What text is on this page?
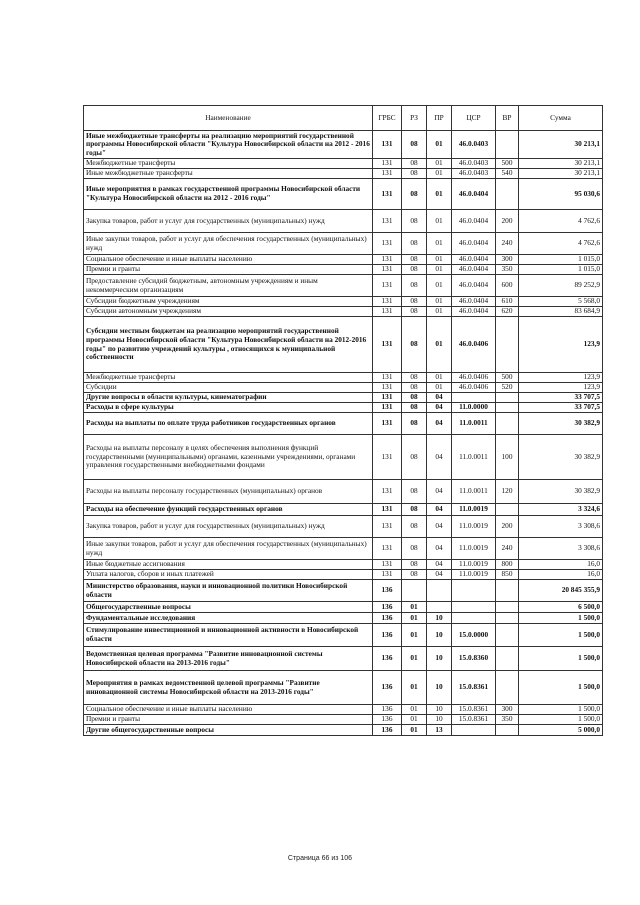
Наименование	ГРБС	РЗ	ПР	ЦСР	ВР	Сумма
Иные межбюджетные трансферты на реализацию мероприятий государственной программы Новосибирской области "Культура Новосибирской области на 2012 - 2016 годы"	131	08	01	46.0.0403		30 213,1
Межбюджетные трансферты	131	08	01	46.0.0403	500	30 213,1
Иные межбюджетные трансферты	131	08	01	46.0.0403	540	30 213,1
Иные мероприятия в рамках государственной программы Новосибирской области "Культура Новосибирской области на 2012 - 2016 годы"	131	08	01	46.0.0404		95 030,6
Закупка товаров, работ и услуг для государственных (муниципальных) нужд	131	08	01	46.0.0404	200	4 762,6
Иные закупки товаров, работ и услуг для обеспечения государственных (муниципальных) нужд	131	08	01	46.0.0404	240	4 762,6
Социальное обеспечение и иные выплаты населению	131	08	01	46.0.0404	300	1 015,0
Премии и гранты	131	08	01	46.0.0404	350	1 015,0
Предоставление субсидий бюджетным, автономным учреждениям и иным некоммерческим организациям	131	08	01	46.0.0404	600	89 252,9
Субсидии бюджетным учреждениям	131	08	01	46.0.0404	610	5 568,0
Субсидии автономным учреждениям	131	08	01	46.0.0404	620	83 684,9
Субсидии местным бюджетам на реализацию мероприятий государственной программы Новосибирской области "Культура Новосибирской области на 2012-2016 годы" по развитию учреждений культуры , относящихся к муниципальной собственности	131	08	01	46.0.0406		123,9
Межбюджетные трансферты	131	08	01	46.0.0406	500	123,9
Субсидии	131	08	01	46.0.0406	520	123,9
Другие вопросы в области культуры, кинематографии	131	08	04			33 707,5
Расходы в сфере культуры	131	08	04	11.0.0000		33 707,5
Расходы на выплаты по оплате труда работников государственных органов	131	08	04	11.0.0011		30 382,9
Расходы на выплаты персоналу в целях обеспечения выполнения функций государственными (муниципальными) органами, казенными учреждениями, органами управления государственными внебюджетными фондами	131	08	04	11.0.0011	100	30 382,9
Расходы на выплаты персоналу государственных (муниципальных) органов	131	08	04	11.0.0011	120	30 382,9
Расходы на обеспечение функций государственных органов	131	08	04	11.0.0019		3 324,6
Закупка товаров, работ и услуг для государственных (муниципальных) нужд	131	08	04	11.0.0019	200	3 308,6
Иные закупки товаров, работ и услуг для обеспечения государственных (муниципальных) нужд	131	08	04	11.0.0019	240	3 308,6
Иные бюджетные ассигнования	131	08	04	11.0.0019	800	16,0
Уплата налогов, сборов и иных платежей	131	08	04	11.0.0019	850	16,0
Министерство образования, науки и инновационной политики Новосибирской области	136					20 845 355,9
Общегосударственные вопросы	136	01				6 500,0
Фундаментальные исследования	136	01	10			1 500,0
Стимулирование инвестиционной и инновационной активности в Новосибирской области	136	01	10	15.0.0000		1 500,0
Ведомственная целевая программа "Развитие инновационной системы Новосибирской области на 2013-2016 годы"	136	01	10	15.0.8360		1 500,0
Мероприятия в рамках ведомственной целевой программы "Развитие инновационной системы Новосибирской области на 2013-2016 годы"	136	01	10	15.0.8361		1 500,0
Социальное обеспечение и иные выплаты населению	136	01	10	15.0.8361	300	1 500,0
Премии и гранты	136	01	10	15.0.8361	350	1 500,0
Другие общегосударственные вопросы	136	01	13			5 000,0
Страница 66 из 106
